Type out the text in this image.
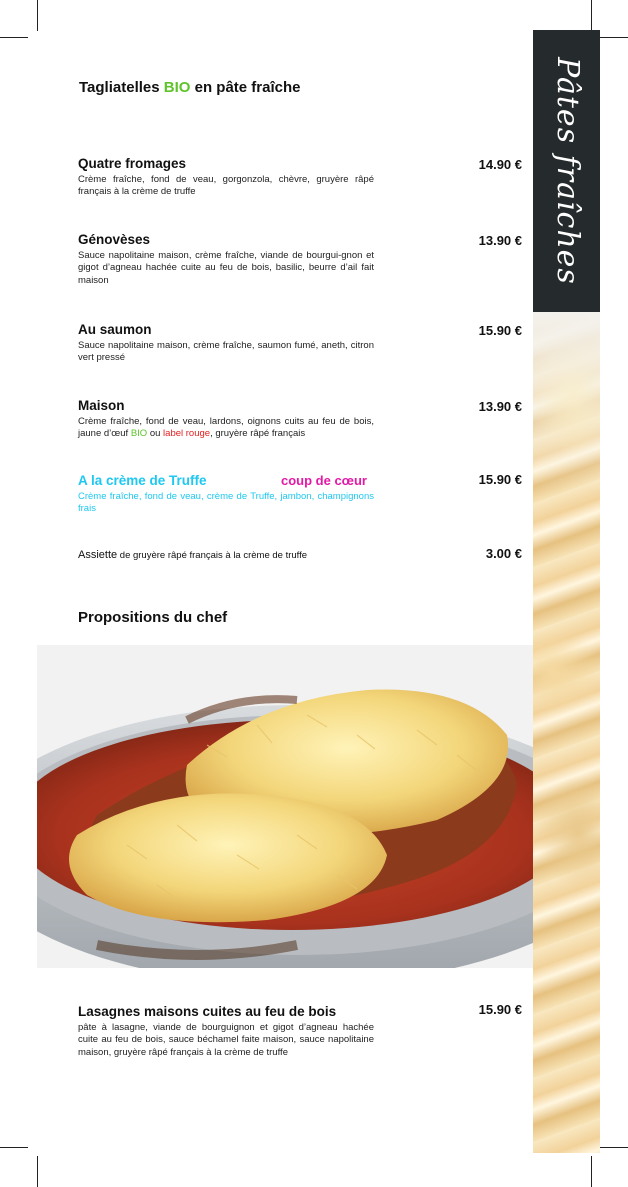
Pâtes fraîches
Tagliatelles BIO en pâte fraîche
Quatre fromages
Crème fraîche, fond de veau, gorgonzola, chèvre, gruyère râpé français à la crème de truffe
14.90 €
Génovèses
Sauce napolitaine maison, crème fraîche, viande de bourgui-gnon et gigot d’agneau hachée cuite au feu de bois, basilic, beurre d’ail fait maison
13.90 €
Au saumon
Sauce napolitaine maison, crème fraîche, saumon fumé, aneth, citron vert pressé
15.90 €
Maison
Crème fraîche, fond de veau, lardons, oignons cuits au feu de bois, jaune d’œuf BIO ou label rouge, gruyère râpé français
13.90 €
A la crème de Truffe	coup de cœur
Crème fraîche, fond de veau, crème de Truffe, jambon, champignons frais
15.90 €
Assiette de gruyère râpé français à la crème de truffe	3.00 €
Propositions du chef
Lasagnes maisons cuites au feu de bois
pâte à lasagne, viande de bourguignon et gigot d’agneau hachée cuite au feu de bois, sauce béchamel faite maison, sauce napolitaine maison, gruyère râpé français à la crème de truffe
15.90 €
